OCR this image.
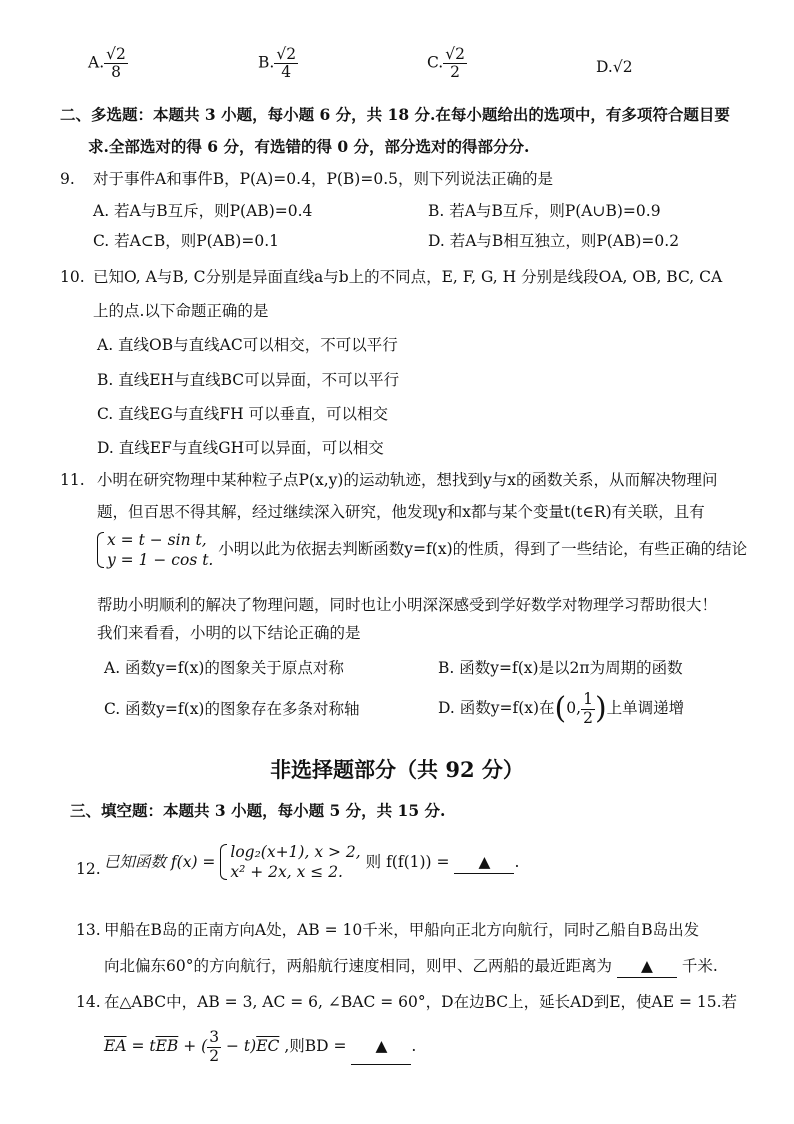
A. $\frac{√2}{8}$	B. $\frac{√2}{4}$	C. $\frac{√2}{2}$	D.√2
二、多选题：本题共 3 小题，每小题 6 分，共 18 分.在每小题给出的选项中，有多项符合题目要
求.全部选对的得 6 分，有选错的得 0 分，部分选对的得部分分.
9. 对于事件A和事件B，P(A)=0.4，P(B)=0.5，则下列说法正确的是
A. 若A与B互斥，则P(AB)=0.4	B. 若A与B互斥，则P(A∪B)=0.9
C. 若A⊂B，则P(AB)=0.1	D. 若A与B相互独立，则P(AB)=0.2
10. 已知O, A与B, C分别是异面直线a与b上的不同点，E, F, G, H 分别是线段OA, OB, BC, CA
上的点.以下命题正确的是
A. 直线OB与直线AC可以相交，不可以平行
B. 直线EH与直线BC可以异面，不可以平行
C. 直线EG与直线FH 可以垂直，可以相交
D. 直线EF与直线GH可以异面，可以相交
11. 小明在研究物理中某种粒子点P(x,y)的运动轨迹，想找到y与x的函数关系，从而解决物理问
题，但百思不得其解，经过继续深入研究，他发现y和x都与某个变量t(t∈R)有关联，且有
x = t − sin t,
y = 1 − cos t.
小明以此为依据去判断函数y=f(x)的性质，得到了一些结论，有些正确的结论
帮助小明顺利的解决了物理问题，同时也让小明深深感受到学好数学对物理学习帮助很大！
我们来看看，小明的以下结论正确的是
A. 函数y=f(x)的图象关于原点对称	B. 函数y=f(x)是以2π为周期的函数
C. 函数y=f(x)的图象存在多条对称轴	D. 函数y=f(x)在(0, $\frac{1}{2}$ )上单调递增
非选择题部分（共 92 分）
三、填空题：本题共 3 小题，每小题 5 分，共 15 分.
12. 已知函数 f(x) =
log₂(x+1), x > 2,
x² + 2x, x ≤ 2.
则 f(f(1)) = ▲ .
13. 甲船在B岛的正南方向A处，AB = 10千米，甲船向正北方向航行，同时乙船自B岛出发
向北偏东60°的方向航行，两船航行速度相同，则甲、乙两船的最近距离为 ▲ 千米.
14. 在△ABC中，AB = 3, AC = 6, ∠BAC = 60°，D在边BC上，延长AD到E，使AE = 15.若
$\overline{EA} = t\overline{EB}$ + ( $\frac{3}{2} - t)\overline{EC}$ ,则BD = ▲ .
